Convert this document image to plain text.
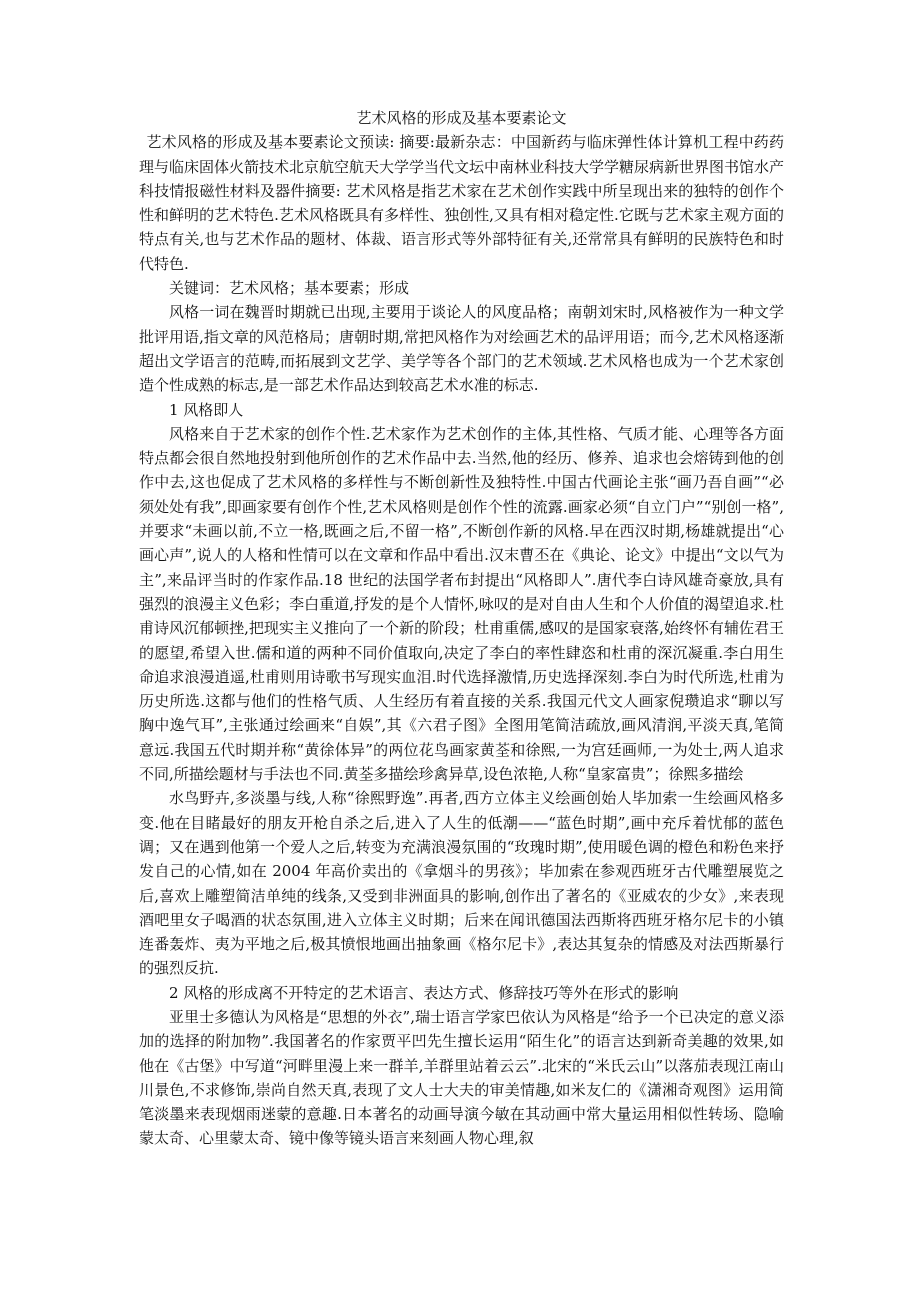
艺术风格的形成及基本要素论文

艺术风格的形成及基本要素论文预读: 摘要:最新杂志：中国新药与临床弹性体计算机工程中药药理与临床固体火箭技术北京航空航天大学学当代文坛中南林业科技大学学糖尿病新世界图书馆水产科技情报磁性材料及器件摘要: 艺术风格是指艺术家在艺术创作实践中所呈现出来的独特的创作个性和鲜明的艺术特色.艺术风格既具有多样性、独创性,又具有相对稳定性.它既与艺术家主观方面的特点有关,也与艺术作品的题材、体裁、语言形式等外部特征有关,还常常具有鲜明的民族特色和时代特色.

关键词：艺术风格；基本要素；形成

风格一词在魏晋时期就已出现,主要用于谈论人的风度品格；南朝刘宋时,风格被作为一种文学批评用语,指文章的风范格局；唐朝时期,常把风格作为对绘画艺术的品评用语；而今,艺术风格逐渐超出文学语言的范畴,而拓展到文艺学、美学等各个部门的艺术领域.艺术风格也成为一个艺术家创造个性成熟的标志,是一部艺术作品达到较高艺术水准的标志.

1 风格即人

风格来自于艺术家的创作个性.艺术家作为艺术创作的主体,其性格、气质才能、心理等各方面特点都会很自然地投射到他所创作的艺术作品中去.当然,他的经历、修养、追求也会熔铸到他的创作中去,这也促成了艺术风格的多样性与不断创新性及独特性.中国古代画论主张“画乃吾自画”“必须处处有我”,即画家要有创作个性,艺术风格则是创作个性的流露.画家必须“自立门户”“别创一格”,并要求“未画以前,不立一格,既画之后,不留一格”,不断创作新的风格.早在西汉时期,杨雄就提出“心画心声”,说人的人格和性情可以在文章和作品中看出.汉末曹丕在《典论、论文》中提出“文以气为主”,来品评当时的作家作品.18 世纪的法国学者布封提出“风格即人”.唐代李白诗风雄奇豪放,具有强烈的浪漫主义色彩；李白重道,抒发的是个人情怀,咏叹的是对自由人生和个人价值的渴望追求.杜甫诗风沉郁顿挫,把现实主义推向了一个新的阶段；杜甫重儒,感叹的是国家衰落,始终怀有辅佐君王的愿望,希望入世.儒和道的两种不同价值取向,决定了李白的率性肆恣和杜甫的深沉凝重.李白用生命追求浪漫逍遥,杜甫则用诗歌书写现实血泪.时代选择激情,历史选择深刻.李白为时代所选,杜甫为历史所选.这都与他们的性格气质、人生经历有着直接的关系.我国元代文人画家倪瓒追求“聊以写胸中逸气耳”,主张通过绘画来“自娱”,其《六君子图》全图用笔简洁疏放,画风清润,平淡天真,笔简意远.我国五代时期并称“黄徐体异”的两位花鸟画家黄荃和徐熙,一为宫廷画师,一为处士,两人追求不同,所描绘题材与手法也不同.黄荃多描绘珍禽异草,设色浓艳,人称“皇家富贵”；徐熙多描绘

水鸟野卉,多淡墨与线,人称“徐熙野逸”.再者,西方立体主义绘画创始人毕加索一生绘画风格多变.他在目睹最好的朋友开枪自杀之后,进入了人生的低潮——“蓝色时期”,画中充斥着忧郁的蓝色调；又在遇到他第一个爱人之后,转变为充满浪漫氛围的“玫瑰时期”,使用暖色调的橙色和粉色来抒发自己的心情,如在 2004 年高价卖出的《拿烟斗的男孩》；毕加索在参观西班牙古代雕塑展览之后,喜欢上雕塑简洁单纯的线条,又受到非洲面具的影响,创作出了著名的《亚威农的少女》,来表现酒吧里女子喝酒的状态氛围,进入立体主义时期；后来在闻讯德国法西斯将西班牙格尔尼卡的小镇连番轰炸、夷为平地之后,极其愤恨地画出抽象画《格尔尼卡》,表达其复杂的情感及对法西斯暴行的强烈反抗.

2 风格的形成离不开特定的艺术语言、表达方式、修辞技巧等外在形式的影响

亚里士多德认为风格是“思想的外衣”,瑞士语言学家巴依认为风格是“给予一个已决定的意义添加的选择的附加物”.我国著名的作家贾平凹先生擅长运用“陌生化”的语言达到新奇美趣的效果,如他在《古堡》中写道“河畔里漫上来一群羊,羊群里站着云云”.北宋的“米氏云山”以落茄表现江南山川景色,不求修饰,崇尚自然天真,表现了文人士大夫的审美情趣,如米友仁的《潇湘奇观图》运用简笔淡墨来表现烟雨迷蒙的意趣.日本著名的动画导演今敏在其动画中常大量运用相似性转场、隐喻蒙太奇、心里蒙太奇、镜中像等镜头语言来刻画人物心理,叙
